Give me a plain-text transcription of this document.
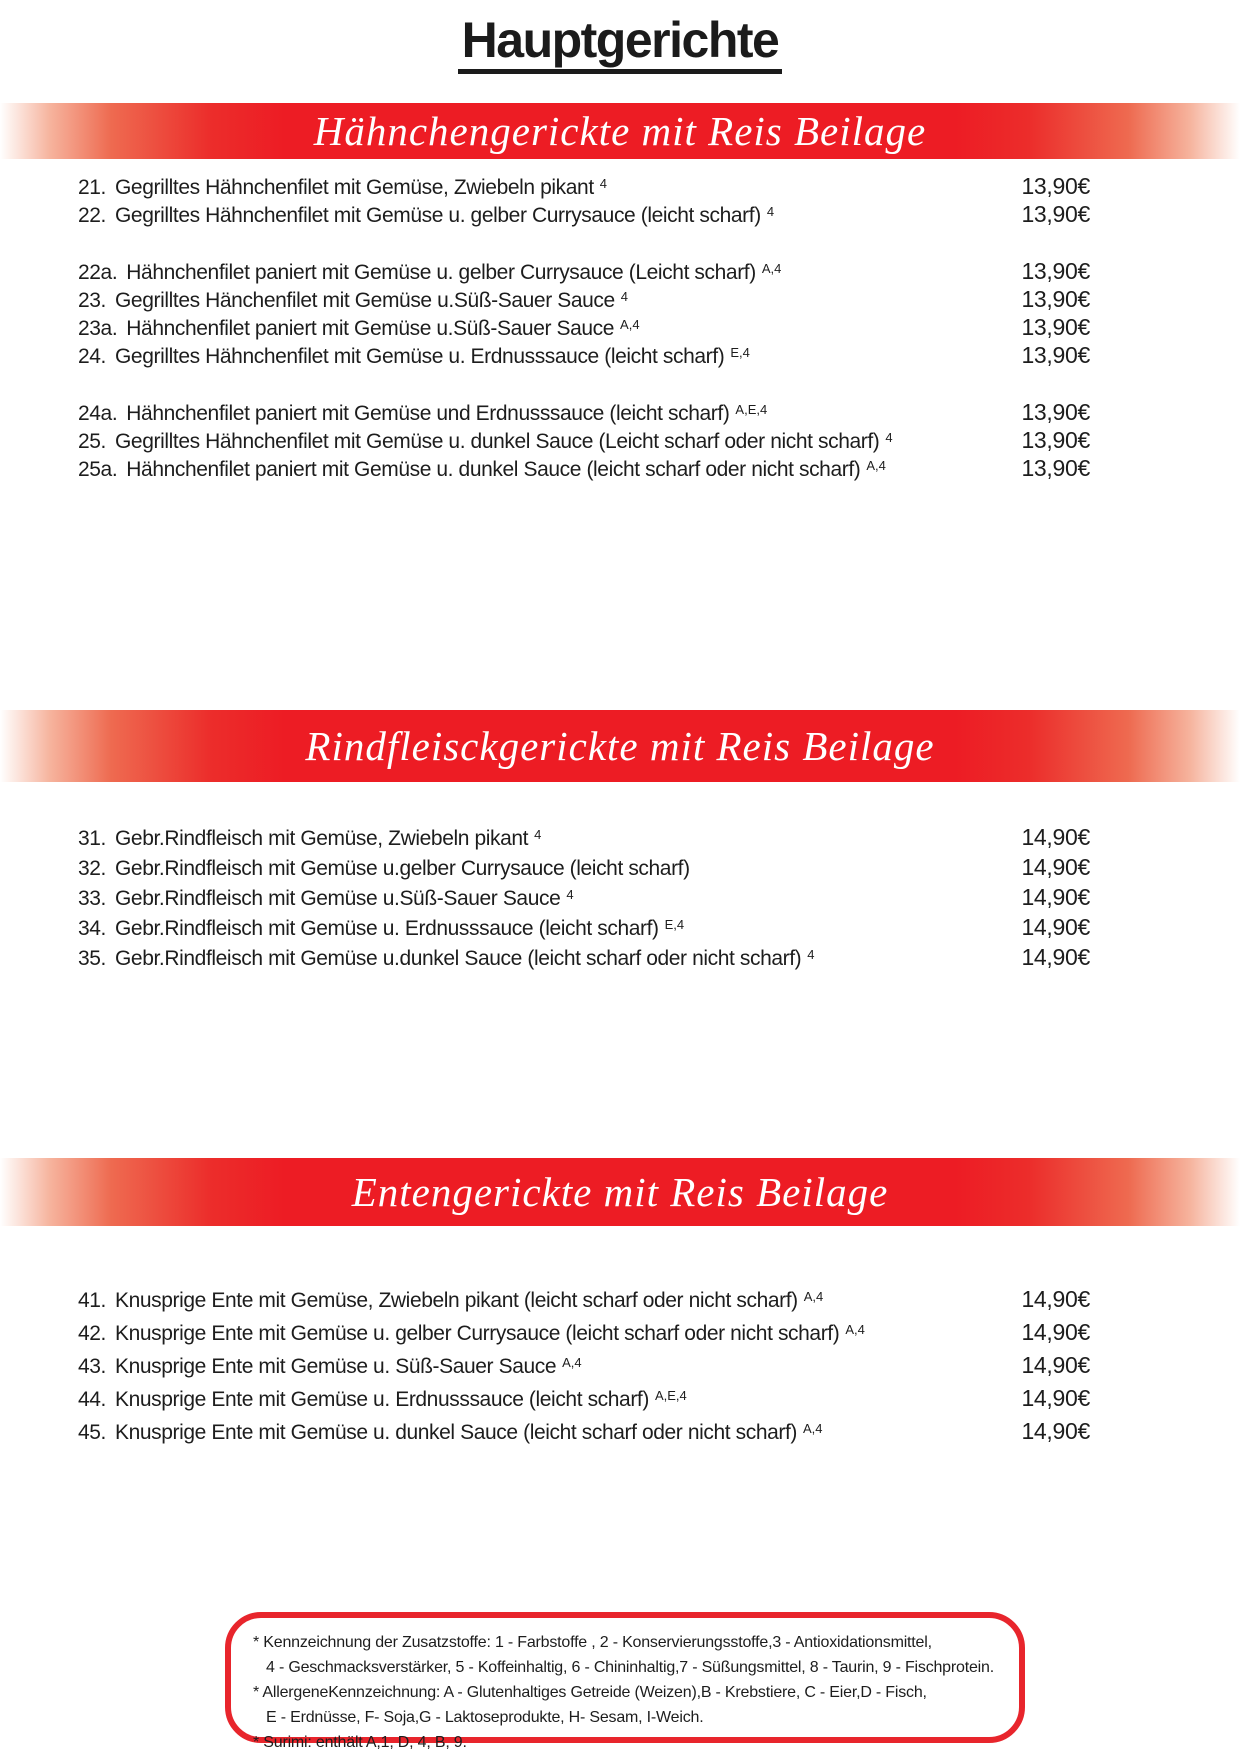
Hauptgerichte
Hähnchengerickte mit Reis Beilage
21. Gegrilltes Hähnchenfilet mit Gemüse, Zwiebeln pikant 4	13,90€
22. Gegrilltes Hähnchenfilet mit Gemüse u. gelber Currysauce (leicht scharf) 4	13,90€
22a. Hähnchenfilet paniert mit Gemüse u. gelber Currysauce (Leicht scharf) A,4	13,90€
23. Gegrilltes Hänchenfilet mit Gemüse u.Süß-Sauer Sauce 4	13,90€
23a. Hähnchenfilet paniert mit Gemüse u.Süß-Sauer Sauce A,4	13,90€
24. Gegrilltes Hähnchenfilet mit Gemüse u. Erdnusssauce (leicht scharf) E,4	13,90€
24a. Hähnchenfilet paniert mit Gemüse und Erdnusssauce (leicht scharf) A,E,4	13,90€
25. Gegrilltes Hähnchenfilet mit Gemüse u. dunkel Sauce (Leicht scharf oder nicht scharf) 4	13,90€
25a. Hähnchenfilet paniert mit Gemüse u. dunkel Sauce (leicht scharf oder nicht scharf) A,4	13,90€
Rindfleisckgerickte mit Reis Beilage
31. Gebr.Rindfleisch mit Gemüse, Zwiebeln pikant 4	14,90€
32. Gebr.Rindfleisch mit Gemüse u.gelber Currysauce (leicht scharf)	14,90€
33. Gebr.Rindfleisch mit Gemüse u.Süß-Sauer Sauce 4	14,90€
34. Gebr.Rindfleisch mit Gemüse u. Erdnusssauce (leicht scharf) E,4	14,90€
35. Gebr.Rindfleisch mit Gemüse u.dunkel Sauce (leicht scharf oder nicht scharf) 4	14,90€
Entengerickte mit Reis Beilage
41. Knusprige Ente mit Gemüse, Zwiebeln pikant (leicht scharf oder nicht scharf) A,4	14,90€
42. Knusprige Ente mit Gemüse u. gelber Currysauce (leicht scharf oder nicht scharf) A,4	14,90€
43. Knusprige Ente mit Gemüse u. Süß-Sauer Sauce A,4	14,90€
44. Knusprige Ente mit Gemüse u. Erdnusssauce (leicht scharf) A,E,4	14,90€
45. Knusprige Ente mit Gemüse u. dunkel Sauce (leicht scharf oder nicht scharf) A,4	14,90€

* Kennzeichnung der Zusatzstoffe: 1 - Farbstoffe , 2 - Konservierungsstoffe,3 - Antioxidationsmittel,

4 - Geschmacksverstärker, 5 - Koffeinhaltig, 6 - Chininhaltig,7 - Süßungsmittel, 8 - Taurin, 9 - Fischprotein.

* AllergeneKennzeichnung: A - Glutenhaltiges Getreide (Weizen),B - Krebstiere, C - Eier,D - Fisch,

E - Erdnüsse, F- Soja,G - Laktoseprodukte, H- Sesam, I-Weich.

* Surimi: enthält A,1, D, 4, B, 9.
